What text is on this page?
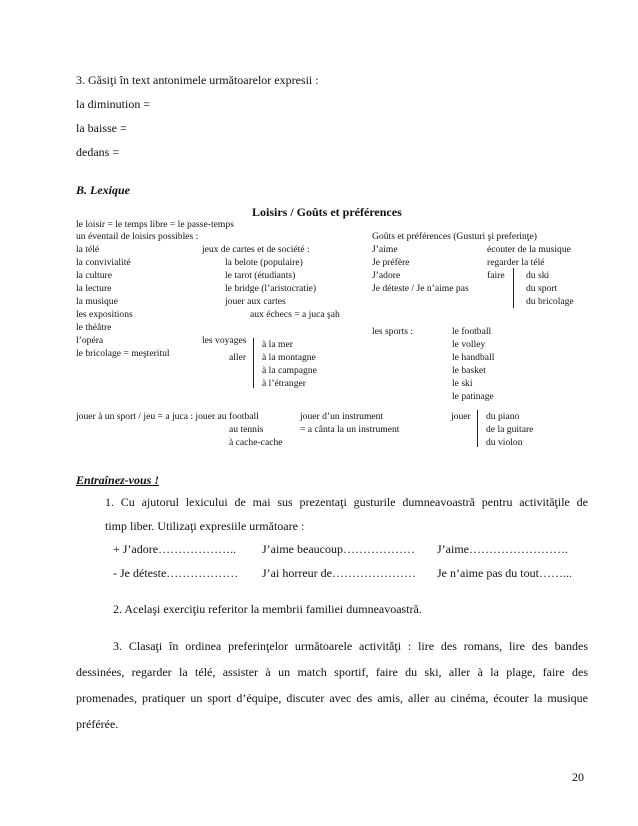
3. Găsiţi în text antonimele următoarelor expresii :
la diminution =
la baisse =
dedans =
B. Lexique
Loisirs / Goûts et préférences
le loisir = le temps libre = le passe-temps
un éventail de loisirs possibles :
la télé
la convivialité
la culture
la lecture
la musique
les expositions
le théâtre
l’opéra
le bricolage = meşteritul
jeux de cartes et de société :
la belote (populaire)
le tarot (étudiants)
le bridge (l’aristocratie)
jouer aux cartes
aux échecs = a juca şah
Goûts et préférences (Gusturi şi preferinţe)
J’aime
Je préfère
J’adore
Je déteste / Je n’aime pas
écouter de la musique
regarder la télé
faire du ski
du sport
du bricolage
les voyages
aller
à la mer
à la montagne
à la campagne
à l’étranger
les sports :	le football
le volley
le handball
le basket
le ski
le patinage
jouer à un sport / jeu = a juca : jouer au football
au tennis
à cache-cache
jouer d’un instrument
= a cânta la un instrument
jouer du piano
de la guitare
du violon
Entraînez-vous !
1. Cu ajutorul lexicului de mai sus prezentaţi gusturile dumneavoastră pentru activităţile de
timp liber. Utilizaţi expresiile următoare :
+ J’adore……………….. J’aime beaucoup……………… J’aime…………………….
- Je déteste……………… J’ai horreur de………………… Je n’aime pas du tout……...
2. Acelaşi exerciţiu referitor la membrii familiei dumneavoastră.
3. Clasaţi în ordinea preferinţelor următoarele activităţi : lire des romans, lire des bandes
dessinées, regarder la télé, assister à un match sportif, faire du ski, aller à la plage, faire des
promenades, pratiquer un sport d’équipe, discuter avec des amis, aller au cinéma, écouter la musique
préférée.
20
